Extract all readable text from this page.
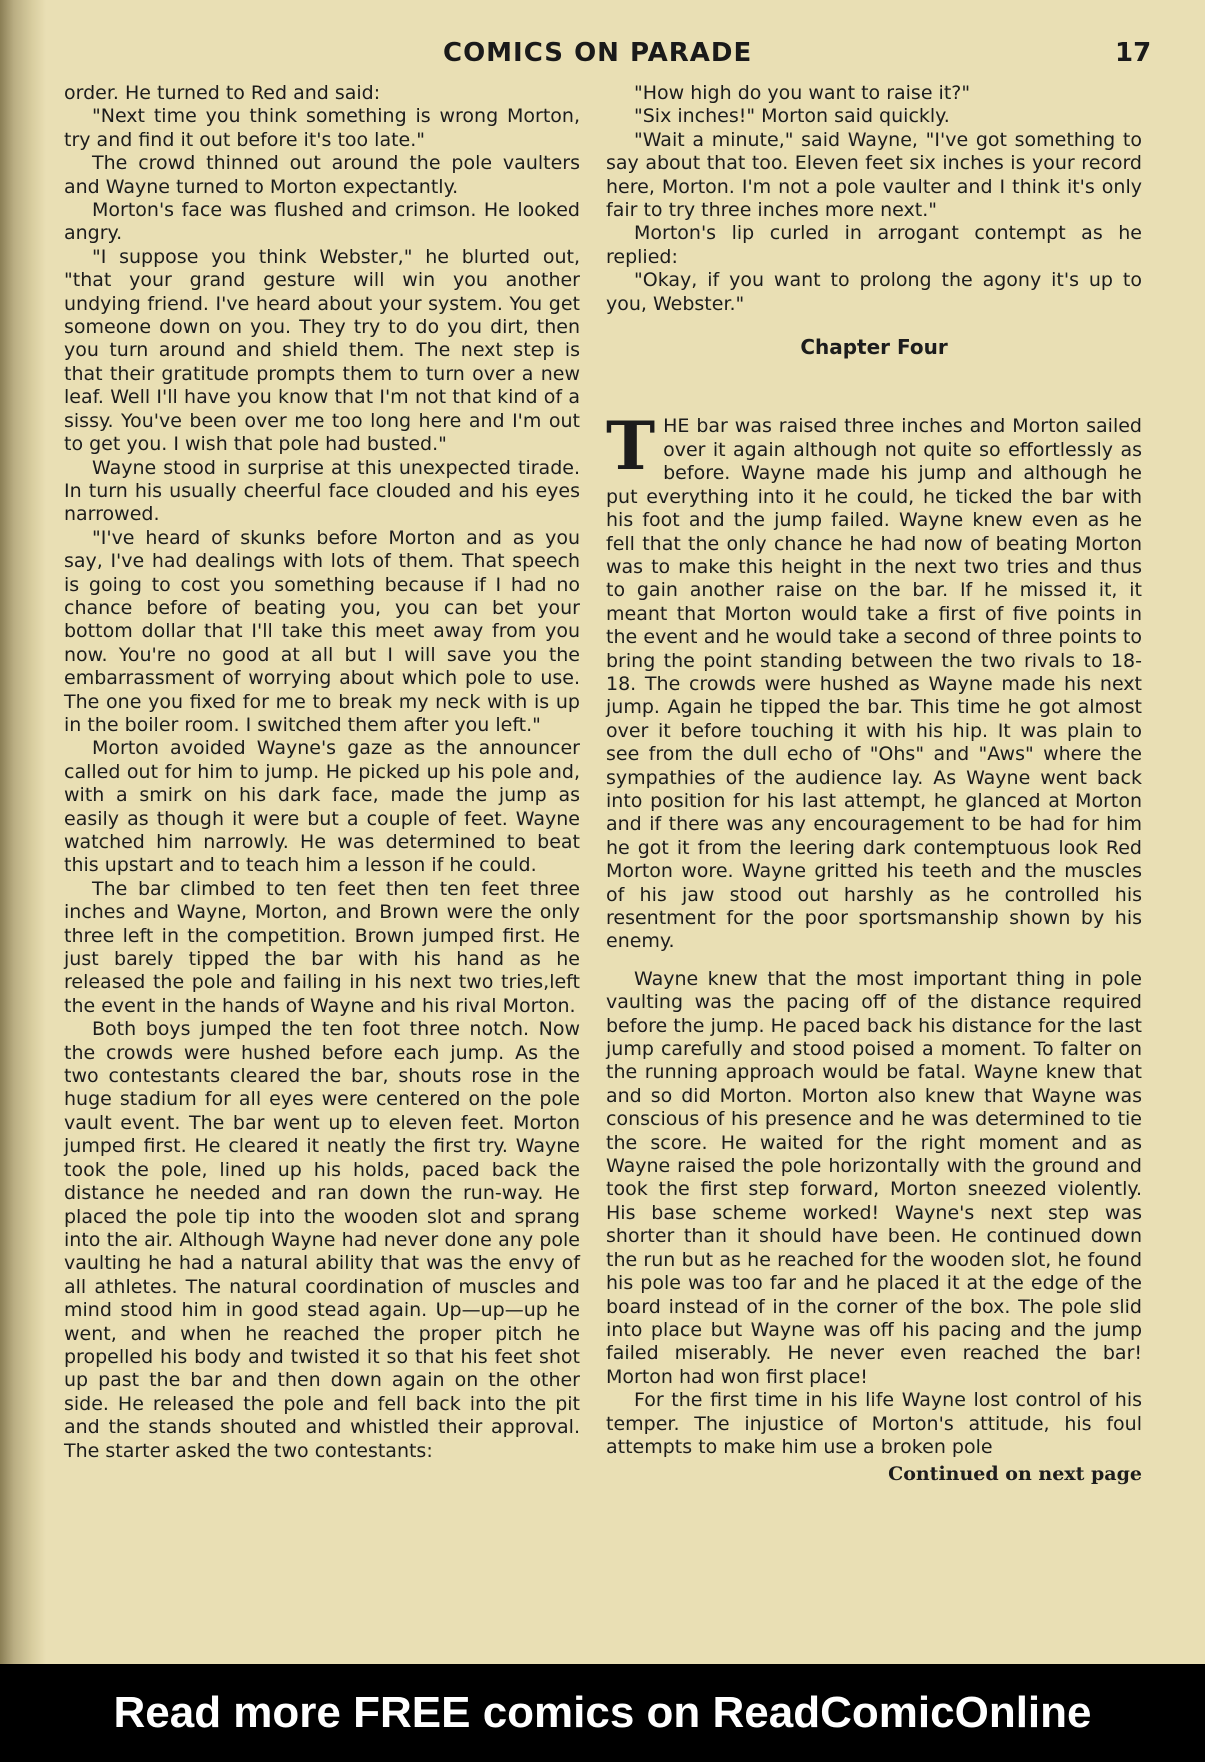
COMICS ON PARADE	17

order. He turned to Red and said:

"Next time you think something is wrong Morton, try and find it out before it's too late."

The crowd thinned out around the pole vaulters and Wayne turned to Morton expectantly.

Morton's face was flushed and crimson. He looked angry.

"I suppose you think Webster," he blurted out, "that your grand gesture will win you another undying friend. I've heard about your system. You get someone down on you. They try to do you dirt, then you turn around and shield them. The next step is that their gratitude prompts them to turn over a new leaf. Well I'll have you know that I'm not that kind of a sissy. You've been over me too long here and I'm out to get you. I wish that pole had busted."

Wayne stood in surprise at this unexpected tirade. In turn his usually cheerful face clouded and his eyes narrowed.

"I've heard of skunks before Morton and as you say, I've had dealings with lots of them. That speech is going to cost you something because if I had no chance before of beating you, you can bet your bottom dollar that I'll take this meet away from you now. You're no good at all but I will save you the embarrassment of worrying about which pole to use. The one you fixed for me to break my neck with is up in the boiler room. I switched them after you left."

Morton avoided Wayne's gaze as the announcer called out for him to jump. He picked up his pole and, with a smirk on his dark face, made the jump as easily as though it were but a couple of feet. Wayne watched him narrowly. He was determined to beat this upstart and to teach him a lesson if he could.

The bar climbed to ten feet then ten feet three inches and Wayne, Morton, and Brown were the only three left in the competition. Brown jumped first. He just barely tipped the bar with his hand as he released the pole and failing in his next two tries,left the event in the hands of Wayne and his rival Morton.

Both boys jumped the ten foot three notch. Now the crowds were hushed before each jump. As the two contestants cleared the bar, shouts rose in the huge stadium for all eyes were centered on the pole vault event. The bar went up to eleven feet. Morton jumped first. He cleared it neatly the first try. Wayne took the pole, lined up his holds, paced back the distance he needed and ran down the run-way. He placed the pole tip into the wooden slot and sprang into the air. Although Wayne had never done any pole vaulting he had a natural ability that was the envy of all athletes. The natural coordination of muscles and mind stood him in good stead again. Up—up—up he went, and when he reached the proper pitch he propelled his body and twisted it so that his feet shot up past the bar and then down again on the other side. He released the pole and fell back into the pit and the stands shouted and whistled their approval. The starter asked the two contestants:

"How high do you want to raise it?"

"Six inches!" Morton said quickly.

"Wait a minute," said Wayne, "I've got something to say about that too. Eleven feet six inches is your record here, Morton. I'm not a pole vaulter and I think it's only fair to try three inches more next."

Morton's lip curled in arrogant contempt as he replied:

"Okay, if you want to prolong the agony it's up to you, Webster."

Chapter Four

THE bar was raised three inches and Morton sailed over it again although not quite so effortlessly as before. Wayne made his jump and although he put everything into it he could, he ticked the bar with his foot and the jump failed. Wayne knew even as he fell that the only chance he had now of beating Morton was to make this height in the next two tries and thus to gain another raise on the bar. If he missed it, it meant that Morton would take a first of five points in the event and he would take a second of three points to bring the point standing between the two rivals to 18-18. The crowds were hushed as Wayne made his next jump. Again he tipped the bar. This time he got almost over it before touching it with his hip. It was plain to see from the dull echo of "Ohs" and "Aws" where the sympathies of the audience lay. As Wayne went back into position for his last attempt, he glanced at Morton and if there was any encouragement to be had for him he got it from the leering dark contemptuous look Red Morton wore. Wayne gritted his teeth and the muscles of his jaw stood out harshly as he controlled his resentment for the poor sportsmanship shown by his enemy.

Wayne knew that the most important thing in pole vaulting was the pacing off of the distance required before the jump. He paced back his distance for the last jump carefully and stood poised a moment. To falter on the running approach would be fatal. Wayne knew that and so did Morton. Morton also knew that Wayne was conscious of his presence and he was determined to tie the score. He waited for the right moment and as Wayne raised the pole horizontally with the ground and took the first step forward, Morton sneezed violently. His base scheme worked! Wayne's next step was shorter than it should have been. He continued down the run but as he reached for the wooden slot, he found his pole was too far and he placed it at the edge of the board instead of in the corner of the box. The pole slid into place but Wayne was off his pacing and the jump failed miserably. He never even reached the bar! Morton had won first place!

For the first time in his life Wayne lost control of his temper. The injustice of Morton's attitude, his foul attempts to make him use a broken pole

Continued on next page
Read more FREE comics on ReadComicOnline
